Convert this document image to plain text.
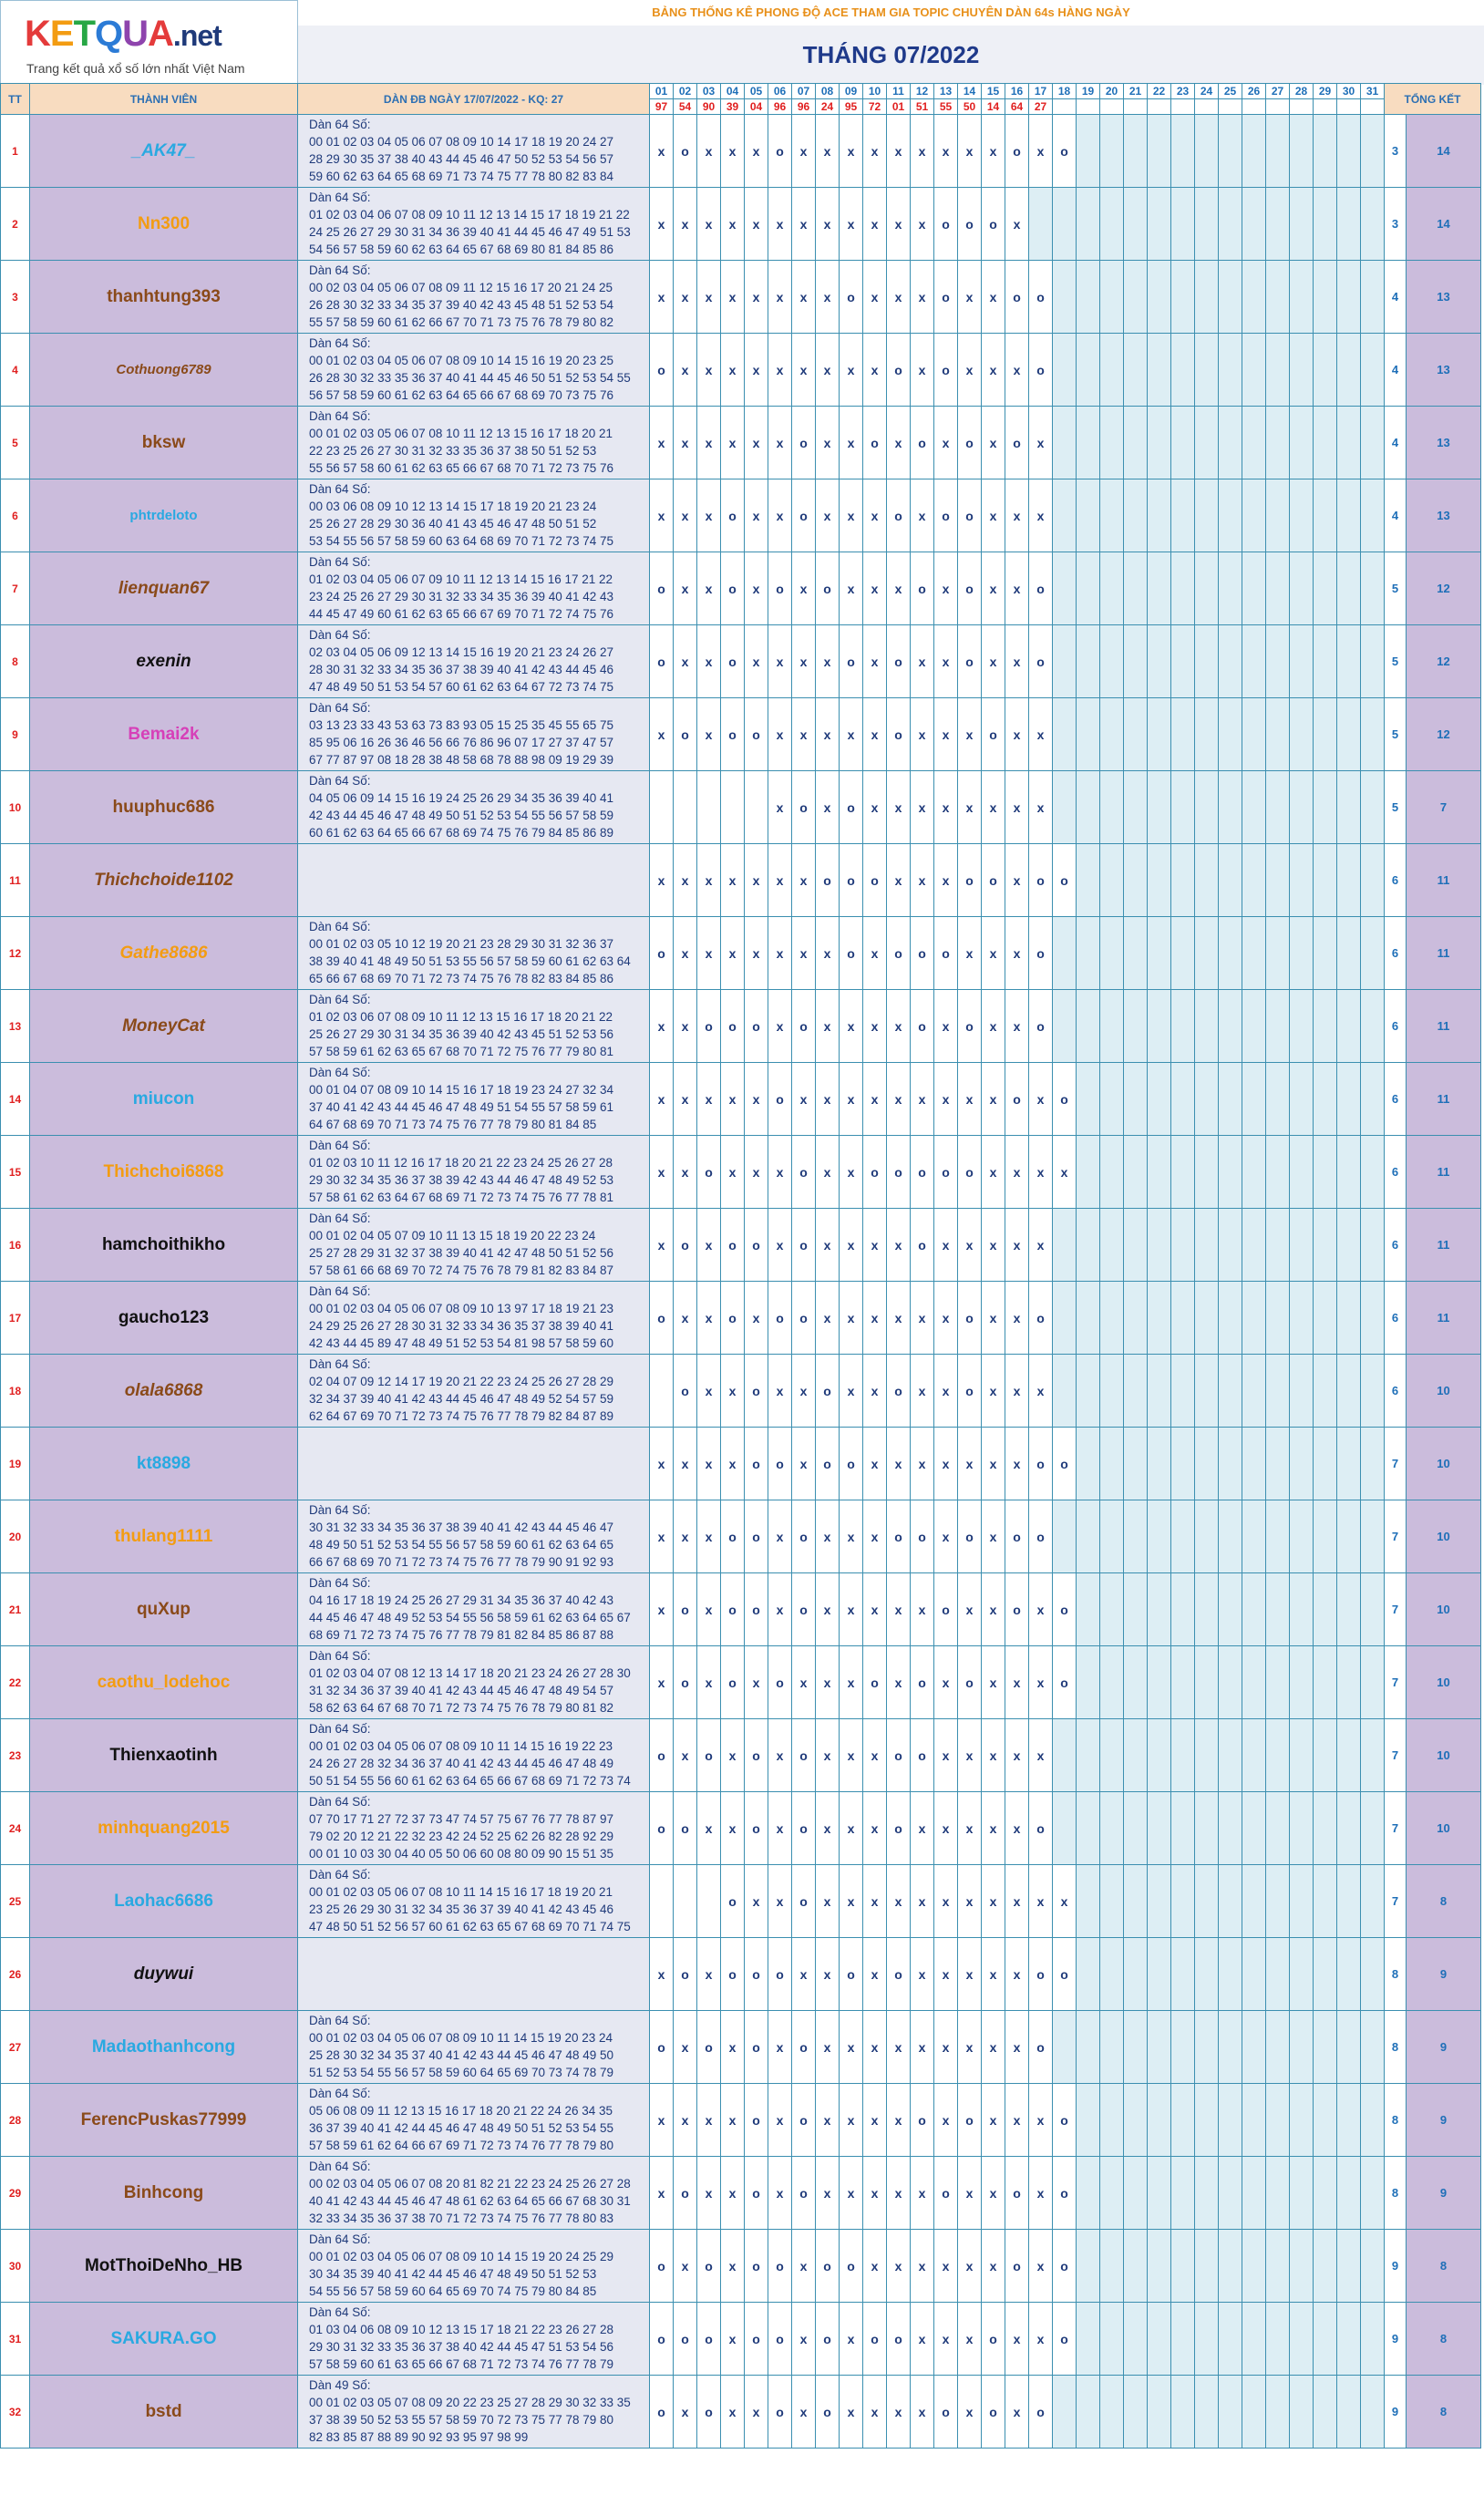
KETQUA.net
Trang kết quả xổ số lớn nhất Việt Nam
BẢNG THỐNG KÊ PHONG ĐỘ ACE THAM GIA TOPIC CHUYÊN DÀN 64s HÀNG NGÀY
THÁNG 07/2022
TT	THÀNH VIÊN	DÀN ĐB NGÀY 17/07/2022 - KQ: 27	01	02	03	04	05	06	07	08	09	10	11	12	13	14	15	16	17	18	19	20	21	22	23	24	25	26	27	28	29	30	31	TỔNG KẾT	
			97	54	90	39	04	96	96	24	95	72	01	51	55	50	14	64	27																
1	_AK47_	Dàn 64 Số:
00 01 02 03 04 05 06 07 08 09 10 14 17 18 19 20 24 27
28 29 30 35 37 38 40 43 44 45 46 47 50 52 53 54 56 57
59 60 62 63 64 65 68 69 71 73 74 75 77 78 80 82 83 84	x	o	x	x	x	o	x	x	x	x	x	x	x	x	x	o	x	o														3	14
2	Nn300	Dàn 64 Số:
01 02 03 04 06 07 08 09 10 11 12 13 14 15 17 18 19 21 22
24 25 26 27 29 30 31 34 36 39 40 41 44 45 46 47 49 51 53
54 56 57 58 59 60 62 63 64 65 67 68 69 80 81 84 85 86	x	x	x	x	x	x	x	x	x	x	x	x	o	o	o	x																3	14
3	thanhtung393	Dàn 64 Số:
00 02 03 04 05 06 07 08 09 11 12 15 16 17 20 21 24 25
26 28 30 32 33 34 35 37 39 40 42 43 45 48 51 52 53 54
55 57 58 59 60 61 62 66 67 70 71 73 75 76 78 79 80 82	x	x	x	x	x	x	x	x	o	x	x	x	o	x	x	o	o															4	13
4	Cothuong6789	Dàn 64 Số:
00 01 02 03 04 05 06 07 08 09 10 14 15 16 19 20 23 25
26 28 30 32 33 35 36 37 40 41 44 45 46 50 51 52 53 54 55
56 57 58 59 60 61 62 63 64 65 66 67 68 69 70 73 75 76	o	x	x	x	x	x	x	x	x	x	o	x	o	x	x	x	o															4	13
5	bksw	Dàn 64 Số:
00 01 02 03 05 06 07 08 10 11 12 13 15 16 17 18 20 21
22 23 25 26 27 30 31 32 33 35 36 37 38 50 51 52 53
55 56 57 58 60 61 62 63 65 66 67 68 70 71 72 73 75 76	x	x	x	x	x	x	o	x	x	o	x	o	x	o	x	o	x															4	13
6	phtrdeloto	Dàn 64 Số:
00 03 06 08 09 10 12 13 14 15 17 18 19 20 21 23 24
25 26 27 28 29 30 36 40 41 43 45 46 47 48 50 51 52
53 54 55 56 57 58 59 60 63 64 68 69 70 71 72 73 74 75	x	x	x	o	x	x	o	x	x	x	o	x	o	o	x	x	x															4	13
7	lienquan67	Dàn 64 Số:
01 02 03 04 05 06 07 09 10 11 12 13 14 15 16 17 21 22
23 24 25 26 27 29 30 31 32 33 34 35 36 39 40 41 42 43
44 45 47 49 60 61 62 63 65 66 67 69 70 71 72 74 75 76	o	x	x	o	x	o	x	o	x	x	x	o	x	o	x	x	o															5	12
8	exenin	Dàn 64 Số:
02 03 04 05 06 09 12 13 14 15 16 19 20 21 23 24 26 27
28 30 31 32 33 34 35 36 37 38 39 40 41 42 43 44 45 46
47 48 49 50 51 53 54 57 60 61 62 63 64 67 72 73 74 75	o	x	x	o	x	x	x	x	o	x	o	x	x	o	x	x	o															5	12
9	Bemai2k	Dàn 64 Số:
03 13 23 33 43 53 63 73 83 93 05 15 25 35 45 55 65 75
85 95 06 16 26 36 46 56 66 76 86 96 07 17 27 37 47 57
67 77 87 97 08 18 28 38 48 58 68 78 88 98 09 19 29 39	x	o	x	o	o	x	x	x	x	x	o	x	x	x	o	x	x															5	12
10	huuphuc686	Dàn 64 Số:
04 05 06 09 14 15 16 19 24 25 26 29 34 35 36 39 40 41
42 43 44 45 46 47 48 49 50 51 52 53 54 55 56 57 58 59
60 61 62 63 64 65 66 67 68 69 74 75 76 79 84 85 86 89						x	o	x	o	x	x	x	x	x	x	x	x															5	7
11	Thichchoide1102		x	x	x	x	x	x	x	o	o	o	x	x	x	o	o	x	o	o														6	11
12	Gathe8686	Dàn 64 Số:
00 01 02 03 05 10 12 19 20 21 23 28 29 30 31 32 36 37
38 39 40 41 48 49 50 51 53 55 56 57 58 59 60 61 62 63 64
65 66 67 68 69 70 71 72 73 74 75 76 78 82 83 84 85 86	o	x	x	x	x	x	x	x	o	x	o	o	o	x	x	x	o															6	11
13	MoneyCat	Dàn 64 Số:
01 02 03 06 07 08 09 10 11 12 13 15 16 17 18 20 21 22
25 26 27 29 30 31 34 35 36 39 40 42 43 45 51 52 53 56
57 58 59 61 62 63 65 67 68 70 71 72 75 76 77 79 80 81	x	x	o	o	o	x	o	x	x	x	x	o	x	o	x	x	o															6	11
14	miucon	Dàn 64 Số:
00 01 04 07 08 09 10 14 15 16 17 18 19 23 24 27 32 34
37 40 41 42 43 44 45 46 47 48 49 51 54 55 57 58 59 61
64 67 68 69 70 71 73 74 75 76 77 78 79 80 81 84 85	x	x	x	x	x	o	x	x	x	x	x	x	x	x	x	o	x	o														6	11
15	Thichchoi6868	Dàn 64 Số:
01 02 03 10 11 12 16 17 18 20 21 22 23 24 25 26 27 28
29 30 32 34 35 36 37 38 39 42 43 44 46 47 48 49 52 53
57 58 61 62 63 64 67 68 69 71 72 73 74 75 76 77 78 81	x	x	o	x	x	x	o	x	x	o	o	o	o	o	x	x	x	x														6	11
16	hamchoithikho	Dàn 64 Số:
00 01 02 04 05 07 09 10 11 13 15 18 19 20 22 23 24
25 27 28 29 31 32 37 38 39 40 41 42 47 48 50 51 52 56
57 58 61 66 68 69 70 72 74 75 76 78 79 81 82 83 84 87	x	o	x	o	o	x	o	x	x	x	x	o	x	x	x	x	x															6	11
17	gaucho123	Dàn 64 Số:
00 01 02 03 04 05 06 07 08 09 10 13 97 17 18 19 21 23
24 29 25 26 27 28 30 31 32 33 34 36 35 37 38 39 40 41
42 43 44 45 89 47 48 49 51 52 53 54 81 98 57 58 59 60	o	x	x	o	x	o	o	x	x	x	x	x	x	o	x	x	o															6	11
18	olala6868	Dàn 64 Số:
02 04 07 09 12 14 17 19 20 21 22 23 24 25 26 27 28 29
32 34 37 39 40 41 42 43 44 45 46 47 48 49 52 54 57 59
62 64 67 69 70 71 72 73 74 75 76 77 78 79 82 84 87 89		o	x	x	o	x	x	o	x	x	o	x	x	o	x	x	x															6	10
19	kt8898		x	x	x	x	o	o	x	o	o	x	x	x	x	x	x	x	o	o														7	10
20	thulang1111	Dàn 64 Số:
30 31 32 33 34 35 36 37 38 39 40 41 42 43 44 45 46 47
48 49 50 51 52 53 54 55 56 57 58 59 60 61 62 63 64 65
66 67 68 69 70 71 72 73 74 75 76 77 78 79 90 91 92 93	x	x	x	o	o	x	o	x	x	x	o	o	x	o	x	o	o															7	10
21	quXup	Dàn 64 Số:
04 16 17 18 19 24 25 26 27 29 31 34 35 36 37 40 42 43
44 45 46 47 48 49 52 53 54 55 56 58 59 61 62 63 64 65 67
68 69 71 72 73 74 75 76 77 78 79 81 82 84 85 86 87 88	x	o	x	o	o	x	o	x	x	x	x	x	o	x	x	o	x	o														7	10
22	caothu_lodehoc	Dàn 64 Số:
01 02 03 04 07 08 12 13 14 17 18 20 21 23 24 26 27 28 30
31 32 34 36 37 39 40 41 42 43 44 45 46 47 48 49 54 57
58 62 63 64 67 68 70 71 72 73 74 75 76 78 79 80 81 82	x	o	x	o	x	o	x	x	x	o	x	o	x	o	x	x	x	o														7	10
23	Thienxaotinh	Dàn 64 Số:
00 01 02 03 04 05 06 07 08 09 10 11 14 15 16 19 22 23
24 26 27 28 32 34 36 37 40 41 42 43 44 45 46 47 48 49
50 51 54 55 56 60 61 62 63 64 65 66 67 68 69 71 72 73 74	o	x	o	x	o	x	o	x	x	x	o	o	x	x	x	x	x															7	10
24	minhquang2015	Dàn 64 Số:
07 70 17 71 27 72 37 73 47 74 57 75 67 76 77 78 87 97
79 02 20 12 21 22 32 23 42 24 52 25 62 26 82 28 92 29
00 01 10 03 30 04 40 05 50 06 60 08 80 09 90 15 51 35	o	o	x	x	o	x	o	x	x	x	o	x	x	x	x	x	o															7	10
25	Laohac6686	Dàn 64 Số:
00 01 02 03 05 06 07 08 10 11 14 15 16 17 18 19 20 21
23 25 26 29 30 31 32 34 35 36 37 39 40 41 42 43 45 46
47 48 50 51 52 56 57 60 61 62 63 65 67 68 69 70 71 74 75				o	x	x	o	x	x	x	x	x	x	x	x	x	x	x														7	8
26	duywui		x	o	x	o	o	o	x	x	o	x	o	x	x	x	x	x	o	o														8	9
27	Madaothanhcong	Dàn 64 Số:
00 01 02 03 04 05 06 07 08 09 10 11 14 15 19 20 23 24
25 28 30 32 34 35 37 40 41 42 43 44 45 46 47 48 49 50
51 52 53 54 55 56 57 58 59 60 64 65 69 70 73 74 78 79	o	x	o	x	o	x	o	x	x	x	x	x	x	x	x	x	o															8	9
28	FerencPuskas77999	Dàn 64 Số:
05 06 08 09 11 12 13 15 16 17 18 20 21 22 24 26 34 35
36 37 39 40 41 42 44 45 46 47 48 49 50 51 52 53 54 55
57 58 59 61 62 64 66 67 69 71 72 73 74 76 77 78 79 80	x	x	x	x	o	x	o	x	x	x	x	o	x	o	x	x	x	o														8	9
29	Binhcong	Dàn 64 Số:
00 02 03 04 05 06 07 08 20 81 82 21 22 23 24 25 26 27 28
40 41 42 43 44 45 46 47 48 61 62 63 64 65 66 67 68 30 31
32 33 34 35 36 37 38 70 71 72 73 74 75 76 77 78 80 83	x	o	x	x	o	x	o	x	x	x	x	x	o	x	x	o	x	o														8	9
30	MotThoiDeNho_HB	Dàn 64 Số:
00 01 02 03 04 05 06 07 08 09 10 14 15 19 20 24 25 29
30 34 35 39 40 41 42 44 45 46 47 48 49 50 51 52 53
54 55 56 57 58 59 60 64 65 69 70 74 75 79 80 84 85	o	x	o	x	o	o	x	o	o	x	x	x	x	x	x	o	x	o														9	8
31	SAKURA.GO	Dàn 64 Số:
01 03 04 06 08 09 10 12 13 15 17 18 21 22 23 26 27 28
29 30 31 32 33 35 36 37 38 40 42 44 45 47 51 53 54 56
57 58 59 60 61 63 65 66 67 68 71 72 73 74 76 77 78 79	o	o	o	x	o	o	x	o	x	o	o	x	x	x	o	x	x	o														9	8
32	bstd	Dàn 49 Số:
00 01 02 03 05 07 08 09 20 22 23 25 27 28 29 30 32 33 35
37 38 39 50 52 53 55 57 58 59 70 72 73 75 77 78 79 80
82 83 85 87 88 89 90 92 93 95 97 98 99	o	x	o	x	x	o	x	o	x	x	x	x	o	x	o	x	o															9	8
